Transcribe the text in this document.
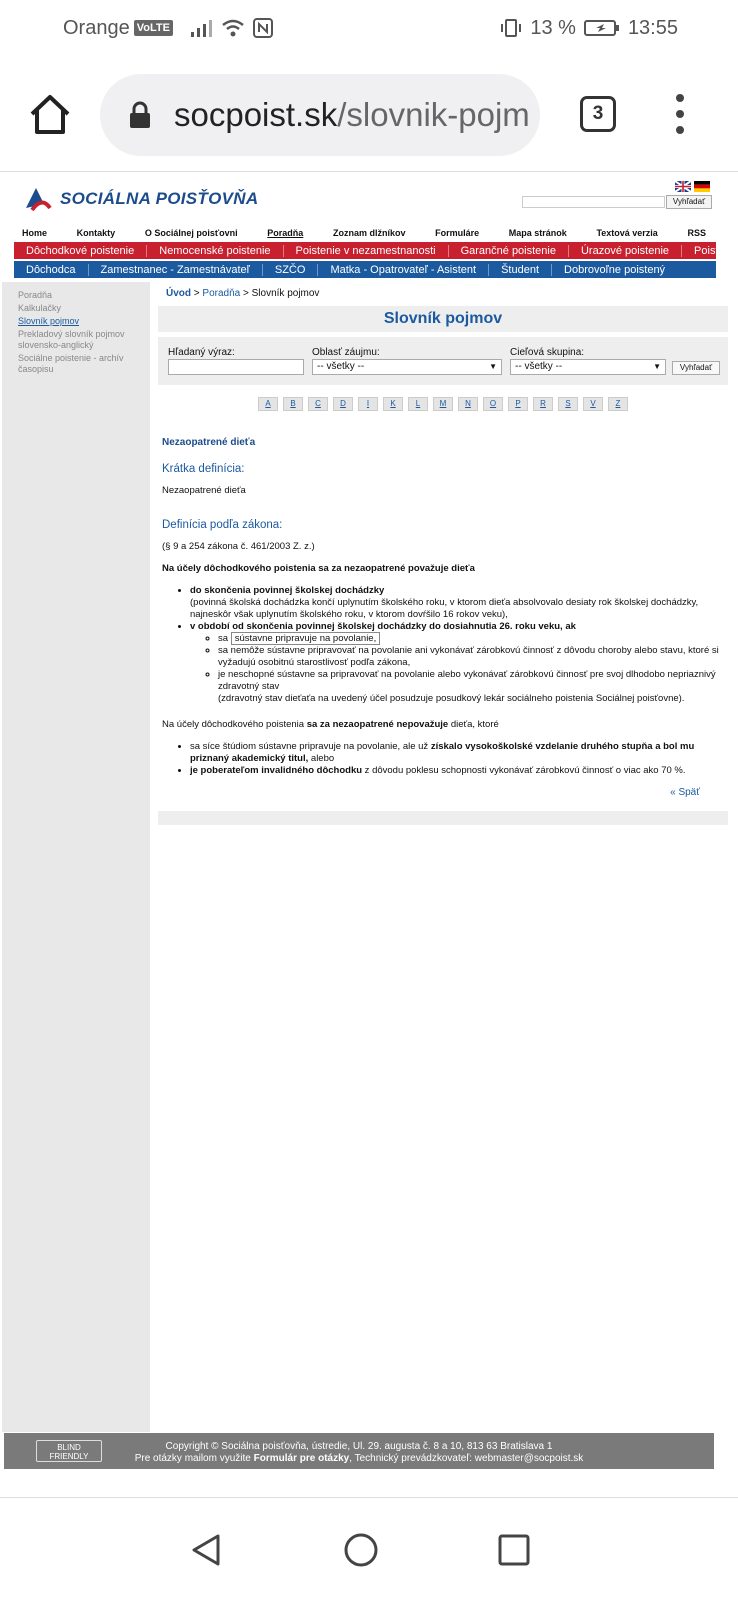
Orange VoLTE	13 %	13:55
socpoist.sk /slovnik-pojm	3
SOCIÁLNA POISŤOVŇA	Vyhľadať
Home	Kontakty	O Sociálnej poisťovni	Poradňa	Zoznam dlžníkov	Formuláre	Mapa stránok	Textová verzia	RSS
Dôchodkové poistenie	Nemocenské poistenie	Poistenie v nezamestnanosti	Garančné poistenie	Úrazové poistenie	Poistné
Dôchodca	Zamestnanec - Zamestnávateľ	SZČO	Matka - Opatrovateľ - Asistent	Študent	Dobrovoľne poistený
Poradňa
Kalkulačky
Slovník pojmov
Prekladový slovník pojmov slovensko-anglický
Sociálne poistenie - archív časopisu
Úvod > Poradňa > Slovník pojmov
Slovník pojmov
Hľadaný výraz:	Oblasť záujmu:
-- všetky --	▼
Cieľová skupina:
-- všetky --	▼	Vyhľadať
A	B	C	D	I	K	L	M	N	O	P	R	S	V	Z
Nezaopatrené dieťa
Krátka definícia:
Nezaopatrené dieťa
Definícia podľa zákona:
(§ 9 a 254 zákona č. 461/2003 Z. z.)
Na účely dôchodkového poistenia sa za nezaopatrené považuje dieťa
• do skončenia povinnej školskej dochádzky
(povinná školská dochádzka končí uplynutím školského roku, v ktorom dieťa absolvovalo desiaty rok školskej dochádzky, najneskôr však uplynutím školského roku, v ktorom dovŕšilo 16 rokov veku),
• v období od skončenia povinnej školskej dochádzky do dosiahnutia 26. roku veku, ak
◦ sa sústavne pripravuje na povolanie,
◦ sa nemôže sústavne pripravovať na povolanie ani vykonávať zárobkovú činnosť z dôvodu choroby alebo stavu, ktoré si vyžadujú osobitnú starostlivosť podľa zákona,
◦ je neschopné sústavne sa pripravovať na povolanie alebo vykonávať zárobkovú činnosť pre svoj dlhodobo nepriaznivý zdravotný stav
(zdravotný stav dieťaťa na uvedený účel posudzuje posudkový lekár sociálneho poistenia Sociálnej poisťovne).
Na účely dôchodkového poistenia sa za nezaopatrené nepovažuje dieťa, ktoré
• sa síce štúdiom sústavne pripravuje na povolanie, ale už získalo vysokoškolské vzdelanie druhého stupňa a bol mu priznaný akademický titul, alebo
• je poberateľom invalidného dôchodku z dôvodu poklesu schopnosti vykonávať zárobkovú činnosť o viac ako 70 %.
« Späť
BLIND FRIENDLY
Copyright © Sociálna poisťovňa, ústredie, Ul. 29. augusta č. 8 a 10, 813 63 Bratislava 1
Pre otázky mailom využite Formulár pre otázky, Technický prevádzkovateľ: webmaster@socpoist.sk
